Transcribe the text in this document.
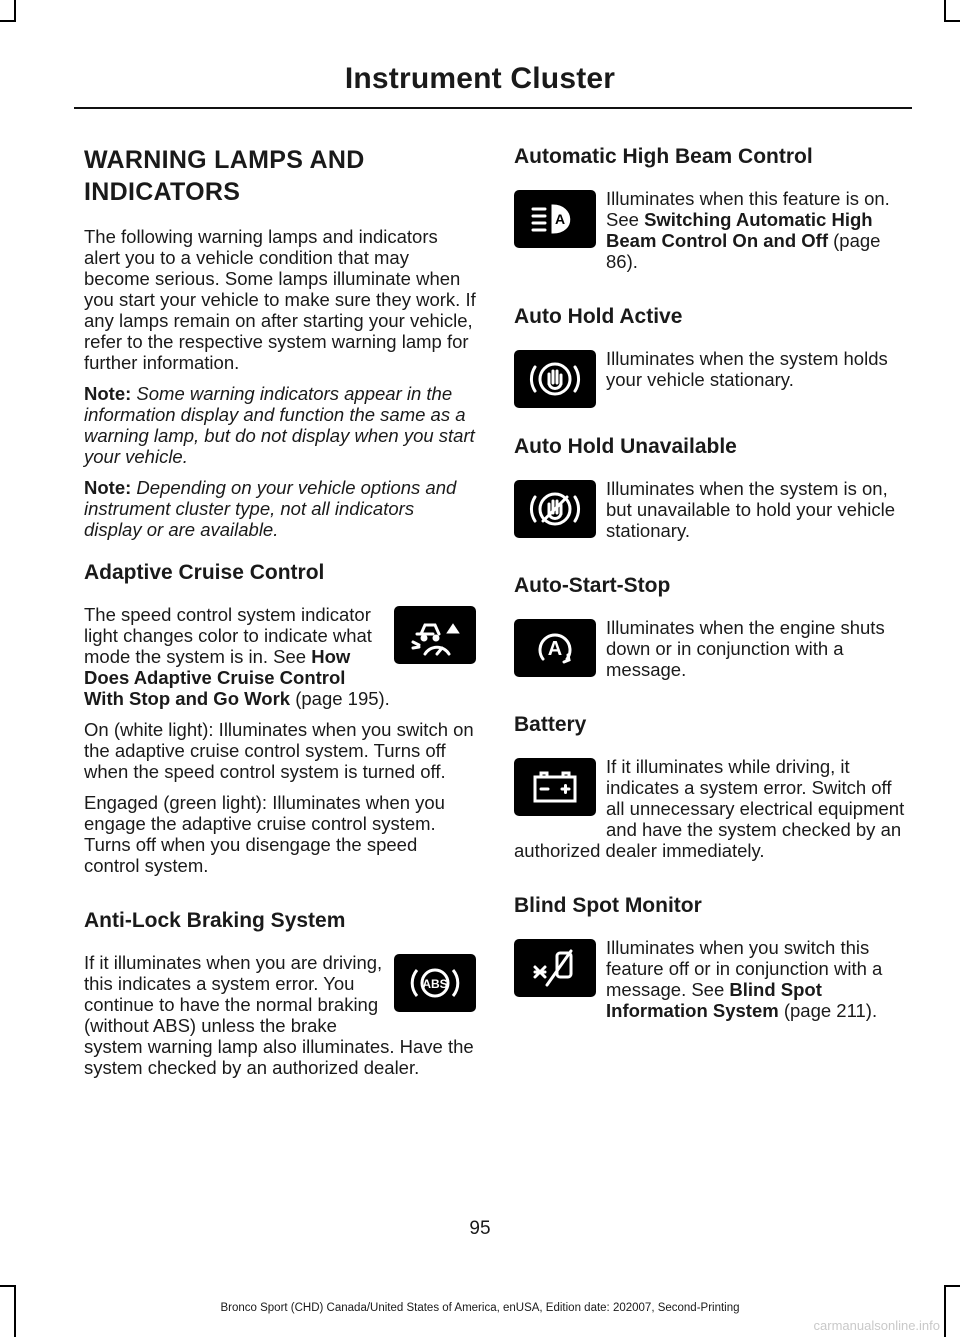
Instrument Cluster
WARNING LAMPS AND INDICATORS

The following warning lamps and indicators alert you to a vehicle condition that may become serious. Some lamps illuminate when you start your vehicle to make sure they work. If any lamps remain on after starting your vehicle, refer to the respective system warning lamp for further information.

Note: Some warning indicators appear in the information display and function the same as a warning lamp, but do not display when you start your vehicle.

Note: Depending on your vehicle options and instrument cluster type, not all indicators display or are available.

Adaptive Cruise Control

The speed control system indicator light changes color to indicate what mode the system is in. See How Does Adaptive Cruise Control With Stop and Go Work (page 195).

On (white light): Illuminates when you switch on the adaptive cruise control system. Turns off when the speed control system is turned off.

Engaged (green light): Illuminates when you engage the adaptive cruise control system. Turns off when you disengage the speed control system.

Anti-Lock Braking System
ABS

If it illuminates when you are driving, this indicates a system error. You continue to have the normal braking (without ABS) unless the brake system warning lamp also illuminates. Have the system checked by an authorized dealer.

Automatic High Beam Control
A

Illuminates when this feature is on. See Switching Automatic High Beam Control On and Off (page 86).

Auto Hold Active

Illuminates when the system holds your vehicle stationary.

Auto Hold Unavailable

Illuminates when the system is on, but unavailable to hold your vehicle stationary.

Auto-Start-Stop
A

Illuminates when the engine shuts down or in conjunction with a message.

Battery

If it illuminates while driving, it indicates a system error. Switch off all unnecessary electrical equipment and have the system checked by an authorized dealer immediately.

Blind Spot Monitor

Illuminates when you switch this feature off or in conjunction with a message. See Blind Spot Information System (page 211).

95
Bronco Sport (CHD) Canada/United States of America, enUSA, Edition date: 202007, Second-Printing
carmanualsonline.info
